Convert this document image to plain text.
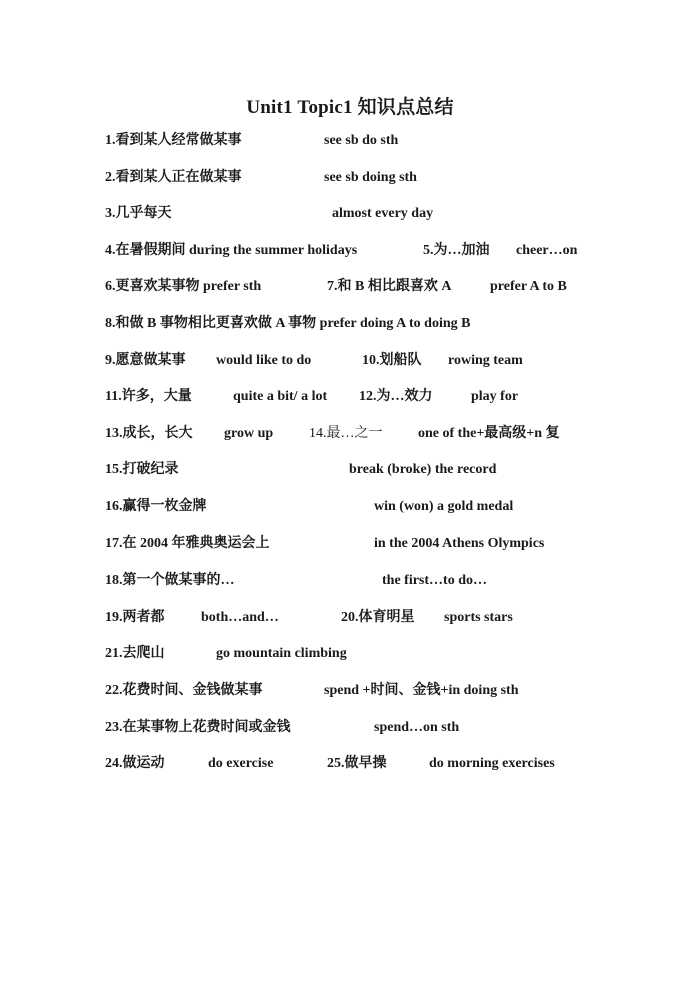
Unit1 Topic1 知识点总结
1.看到某人经常做某事	see sb do sth
2.看到某人正在做某事	see sb doing sth
3.几乎每天	almost every day
4.在暑假期间 during the summer holidays	5.为…加油 cheer…on
6.更喜欢某事物 prefer sth	7.和 B 相比跟喜欢 A	prefer A to B
8.和做 B 事物相比更喜欢做 A 事物 prefer doing A to doing B
9.愿意做某事 would like to do	10.划船队 rowing team
11.许多，大量	quite a bit/ a lot 12.为…效力	play for
13.成长，长大 grow up	14.最…之一	one of the+最高级+n 复
15.打破纪录	break (broke) the record
16.赢得一枚金牌	win (won) a gold medal
17.在 2004 年雅典奥运会上	in the 2004 Athens Olympics
18.第一个做某事的…	the first…to do…
19.两者都	both…and…	20.体育明星 sports stars
21.去爬山	go mountain climbing
22.花费时间、金钱做某事	spend +时间、金钱+in doing sth
23.在某事物上花费时间或金钱	spend…on sth
24.做运动	do exercise	25.做早操	do morning exercises
